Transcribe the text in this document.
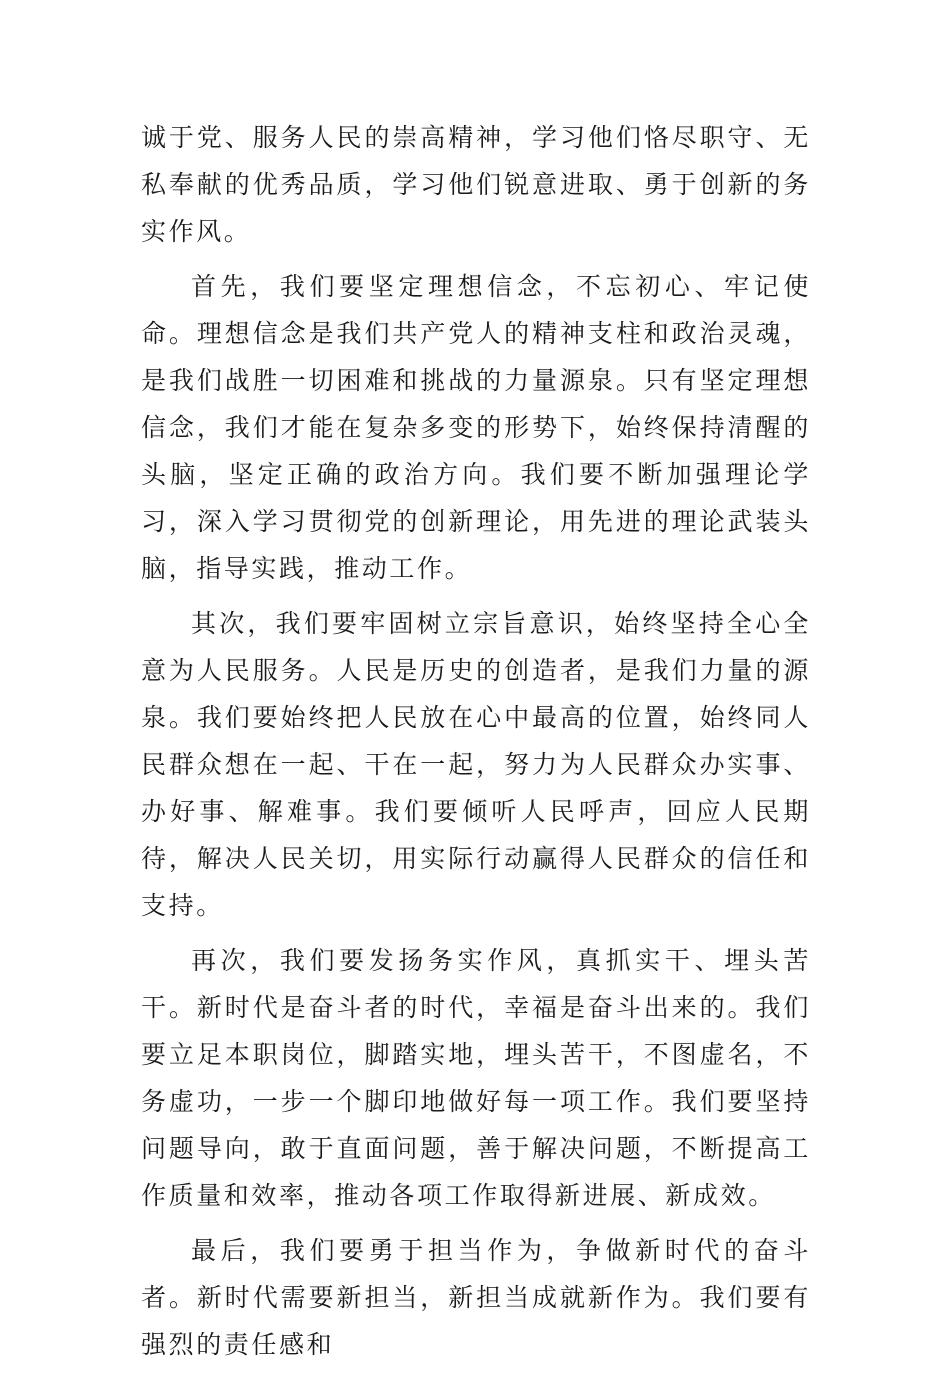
诚于党、服务人民的崇高精神，学习他们恪尽职守、无私奉献的优秀品质，学习他们锐意进取、勇于创新的务实作风。

首先，我们要坚定理想信念，不忘初心、牢记使命。理想信念是我们共产党人的精神支柱和政治灵魂，是我们战胜一切困难和挑战的力量源泉。只有坚定理想信念，我们才能在复杂多变的形势下，始终保持清醒的头脑，坚定正确的政治方向。我们要不断加强理论学习，深入学习贯彻党的创新理论，用先进的理论武装头脑，指导实践，推动工作。

其次，我们要牢固树立宗旨意识，始终坚持全心全意为人民服务。人民是历史的创造者，是我们力量的源泉。我们要始终把人民放在心中最高的位置，始终同人民群众想在一起、干在一起，努力为人民群众办实事、办好事、解难事。我们要倾听人民呼声，回应人民期待，解决人民关切，用实际行动赢得人民群众的信任和支持。

再次，我们要发扬务实作风，真抓实干、埋头苦干。新时代是奋斗者的时代，幸福是奋斗出来的。我们要立足本职岗位，脚踏实地，埋头苦干，不图虚名，不务虚功，一步一个脚印地做好每一项工作。我们要坚持问题导向，敢于直面问题，善于解决问题，不断提高工作质量和效率，推动各项工作取得新进展、新成效。

最后，我们要勇于担当作为，争做新时代的奋斗者。新时代需要新担当，新担当成就新作为。我们要有强烈的责任感和
